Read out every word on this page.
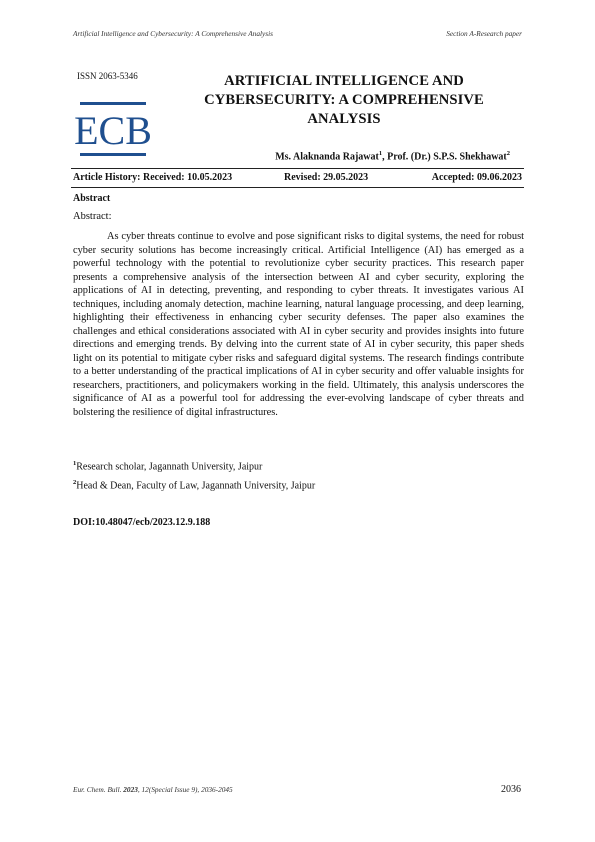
Artificial Intelligence and Cybersecurity: A Comprehensive Analysis	Section A-Research paper
ISSN 2063-5346
ECB
ARTIFICIAL INTELLIGENCE AND
CYBERSECURITY: A COMPREHENSIVE
ANALYSIS
Ms. Alaknanda Rajawat$^1$, Prof. (Dr.) S.P.S. Shekhawat$^2$
Article History: Received: 10.05.2023	Revised: 29.05.2023	Accepted: 09.06.2023
Abstract
Abstract:

As cyber threats continue to evolve and pose significant risks to digital systems, the need for robust cyber security solutions has become increasingly critical. Artificial Intelligence (AI) has emerged as a powerful technology with the potential to revolutionize cyber security practices. This research paper presents a comprehensive analysis of the intersection between AI and cyber security, exploring the applications of AI in detecting, preventing, and responding to cyber threats. It investigates various AI techniques, including anomaly detection, machine learning, natural language processing, and deep learning, highlighting their effectiveness in enhancing cyber security defenses. The paper also examines the challenges and ethical considerations associated with AI in cyber security and provides insights into future directions and emerging trends. By delving into the current state of AI in cyber security, this paper sheds light on its potential to mitigate cyber risks and safeguard digital systems. The research findings contribute to a better understanding of the practical implications of AI in cyber security and offer valuable insights for researchers, practitioners, and policymakers working in the field. Ultimately, this analysis underscores the significance of AI as a powerful tool for addressing the ever-evolving landscape of cyber threats and bolstering the resilience of digital infrastructures.

$^1$Research scholar, Jagannath University, Jaipur
$^2$Head & Dean, Faculty of Law, Jagannath University, Jaipur
DOI:10.48047/ecb/2023.12.9.188
Eur. Chem. Bull. 2023, 12(Special Issue 9), 2036-2045	2036
